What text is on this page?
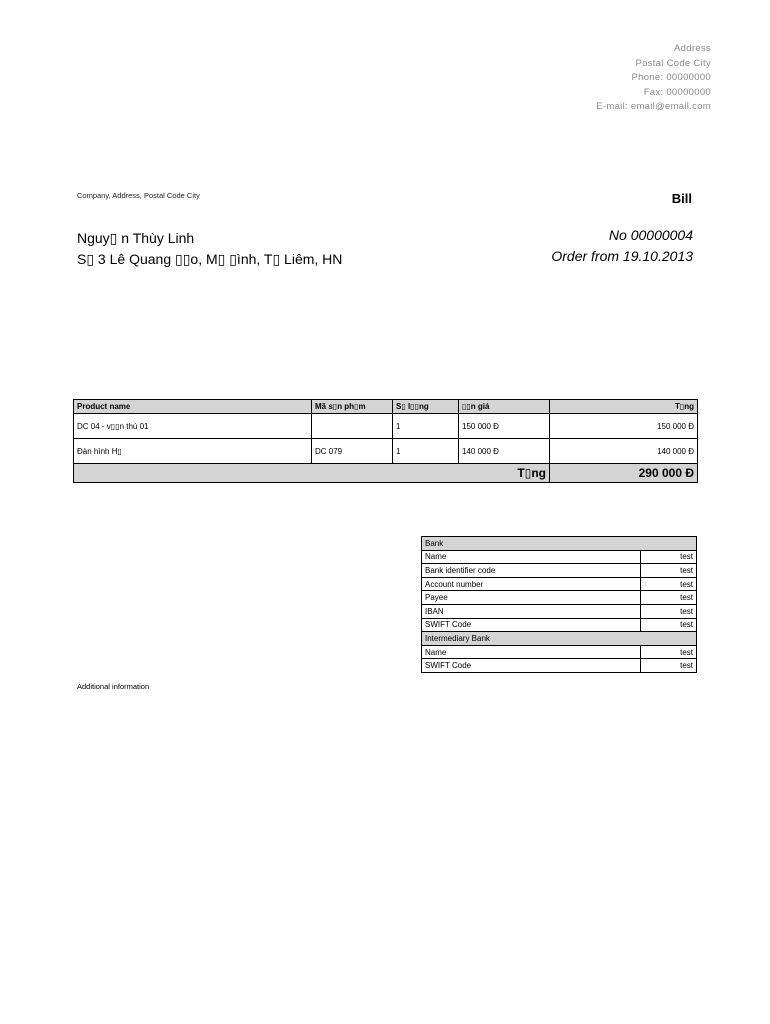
Address
Postal Code City
Phone: 00000000
Fax: 00000000
E-mail: email@email.com
Company, Address, Postal Code City	Bill
Nguy▯ n Thùy Linh
S▯ 3 Lê Quang ▯▯o, M▯ ▯ình, T▯ Liêm, HN
No 00000004
Order from 19.10.2013
Product name	Mã s▯n ph▯m	S▯ l▯▯ng	▯▯n giá	T▯ng
DC 04 - v▯▯n thú 01		1	150 000 Đ	150 000 Đ
Đàn hình H▯	DC 079	1	140 000 Đ	140 000 Đ
T▯ng				290 000 Đ
Bank	
Name	test
Bank identifier code	test
Account number	test
Payee	test
IBAN	test
SWIFT Code	test
Intermediary Bank	
Name	test
SWIFT Code	test
Additional information
